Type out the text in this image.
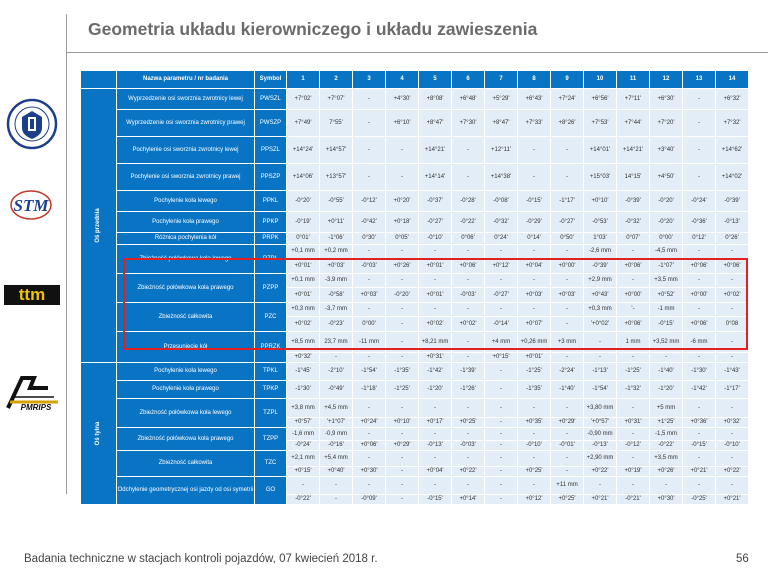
Geometria układu kierowniczego i układu zawieszenia
STM
ttm
PMRIPS
	Nazwa parametru / nr badania	Symbol	1	2	3	4	5	6	7	8	9	10	11	12	13	14

Oś przednia	Wyprzedzenie osi sworznia zwrotnicy lewej	PWSZL	+7°02'	+7°07'	-	+4°30'	+8°08'	+6°48'	+5°29'	+6°43'	+7°24'	+6°56'	+7°11'	+6°30'	-	+6°32'
	Wyprzedzenie osi sworznia zwrotnicy prawej	PWSZP	+7°49'	7°55'	-	+6°10'	+8°47'	+7°30'	+8°47'	+7°33'	+8°26'	+7°53'	+7°44'	+7°20'	-	+7°32'
	Pochylenie osi sworznia zwrotnicy lewej	PPSZL	+14°24'	+14°57'	-	-	+14°21'	-	+12°11'	-	-	+14°01'	+14°21'	+3°40'	-	+14°62'
	Pochylenie osi sworznia zwrotnicy prawej	PPSZP	+14°06'	+13°57'	-	-	+14°14'	-	+14°38'	-	-	+15°03'	14°15'	+4°50'	-	+14°02'
	Pochylenie koła lewego	PPKL	-0°20'	-0°55'	-0°12'	+0°20'	-0°37'	-0°28'	-0°08'	-0°15'	-1°17'	+0°10'	-0°39'	-0°20'	-0°24'	-0°39'
	Pochylenie koła prawego	PPKP	-0°19'	+0°11'	-0°42'	+0°18'	-0°27'	-0°22'	-0°32'	-0°29'	-0°27'	-0°53'	-0°32'	-0°20'	-0°36'	-0°13'
	Różnica pochylenia kół	PRPK	0°01'	-1°06'	0°30'	0°05'	-0°10'	0°06'	0°24'	0°14'	0°50'	1°03'	0°07'	0°00'	0°12'	0°26'
	Zbieżność połówkowa koła lewego	PZPL	+0,1 mm	+0,2 mm	-	-	-	-	-	-	-	-2,6 mm	-	-4,5 mm	-	-
			+0°01'	+0°03'	-0°03'	+0°26'	+0°01'	+0°06'	+0°12'	+0°04'	+0°00'	-0°39'	+0°06'	-1°07'	+0°06'	+0°06'
	Zbieżność połówkowa koła prawego	PZPP	+0,1 mm	-3,9 mm	-	-	-	-	-	-	-	+2,9 mm	-	+3,5 mm	-	-
			+0°01'	-0°58'	+0°03'	-0°20'	+0°01'	-0°03'	-0°27'	+0°03'	+0°03'	+0°43'	+0°00'	+0°52'	+0°00'	+0°02'
	Zbieżność całkowita	PZC	+0,3 mm	-3,7 mm	-	-	-	-	-	-	-	+0,3 mm	'-	-1 mm	-	-
			+0°02'	-0°23'	0°00'	-	+0°02'	+0°02'	-0°14'	+0°07'	-	'+0°02'	+0°06'	-0°15'	+0°06'	0°08
	Przesunięcie kół	PPRZK	+8,5 mm	23,7 mm	-11 mm	-	+8,21 mm	-	+4 mm	+0,26 mm	+3 mm	-	1 mm	+3,52 mm	-6 mm	-
			+0°32'	-	-	-	+0°31'	-	+0°15'	+0°01'	-	-	-	-	-	-

Oś tylna	Pochylenie koła lewego	TPKL	-1°45'	-2°10'	-1°54'	-1°35'	-1°42'	-1°39'	-	-1°25'	-2°24'	-1°13'	-1°25'	-1°40'	-1°30'	-1°43'
	Pochylenie koła prawego	TPKP	-1°30'	-0°49'	-1°18'	-1°25'	-1°20'	-1°26'	-	-1°35'	-1°40'	-1°54'	-1°32'	-1°20'	-1°42'	-1°17'
	Zbieżność połówkowa koła lewego	TZPL	+3,8 mm	+4,5 mm	-	-	-	-	-	-	-	+3,80 mm	-	+5 mm	-	-
			+0°57'	'+1°07'	+0°24'	+0°10'	+0°17'	+0°25'	-	+0°35'	+0°29'	'+0°57'	+0°31'	+1°25'	+0°36'	+0°32'
	Zbieżność połówkowa koła prawego	TZPP	-1,6 mm	-0,9 mm	-	-	-	-	-	-	-	-0,90 mm	-	-1,5 mm	-	-
			-0°24'	-0°16'	+0°06'	+0°29'	-0°13'	-0°03'	-	-0°10'	-0°01'	-0°13'	-0°12'	-0°22'	-0°15'	-0°10'
	Zbieżność całkowita	TZC	+2,1 mm	+5,4 mm	-	-	-	-	-	-	-	+2,90 mm	-	+3,5 mm	-	-
			+0°15'	+0°40'	+0°30'	-	+0°04'	+0°22'	-	+0°25'	-	+0°22'	+0°19'	+0°26'	+0°21'	+0°22'
	Odchylenie geometrycznej osi jazdy od osi symetrii	GO	-	-	-	-	-	-	-	-	+11 mm	-	-	-	-	-
			-0°22'	-	-0°09'	-	-0°15'	+0°14'	-	+0°12'	+0°25'	+0°21'	-0°21'	+0°30'	-0°25'	+0°21'
Badania techniczne w stacjach kontroli pojazdów, 07 kwiecień 2018 r.	56
